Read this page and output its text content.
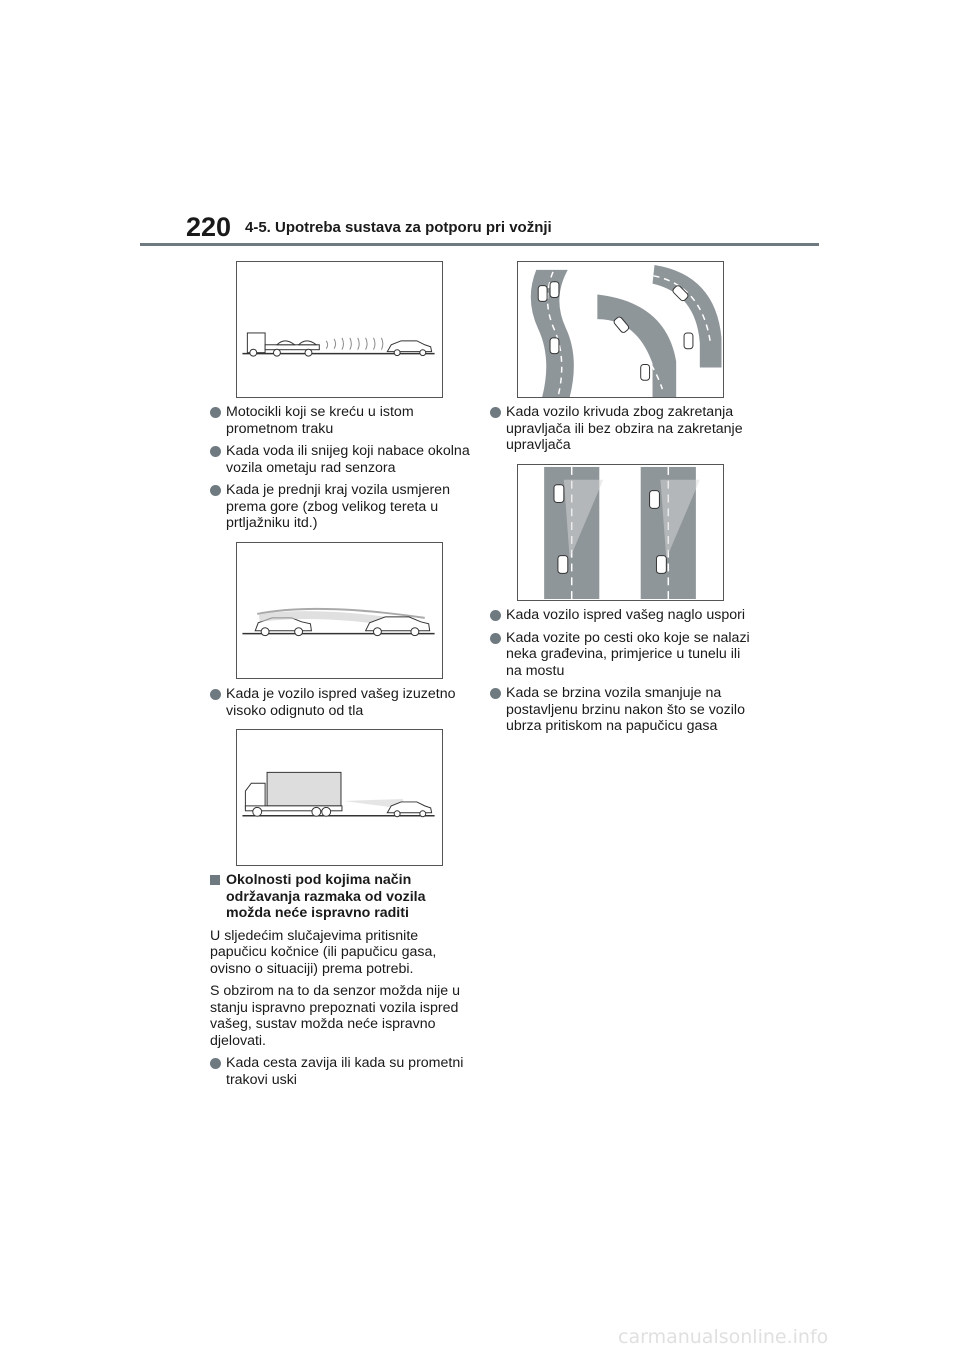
220 4-5. Upotreba sustava za potporu pri vožnji
Motocikli koji se kreću u istom prometnom traku
Kada voda ili snijeg koji nabace okolna vozila ometaju rad senzora
Kada je prednji kraj vozila usmjeren prema gore (zbog velikog tereta u prtljažniku itd.)
Kada je vozilo ispred vašeg izuzetno visoko odignuto od tla
Okolnosti pod kojima način održavanja razmaka od vozila možda neće ispravno raditi

U sljedećim slučajevima pritisnite papučicu kočnice (ili papučicu gasa, ovisno o situaciji) prema potrebi.

S obzirom na to da senzor možda nije u stanju ispravno prepoznati vozila ispred vašeg, sustav možda neće ispravno djelovati.

Kada cesta zavija ili kada su prometni trakovi uski
Kada vozilo krivuda zbog zakretanja upravljača ili bez obzira na zakretanje upravljača
Kada vozilo ispred vašeg naglo uspori
Kada vozite po cesti oko koje se nalazi neka građevina, primjerice u tunelu ili na mostu
Kada se brzina vozila smanjuje na postavljenu brzinu nakon što se vozilo ubrza pritiskom na papučicu gasa
carmanualsonline.info
